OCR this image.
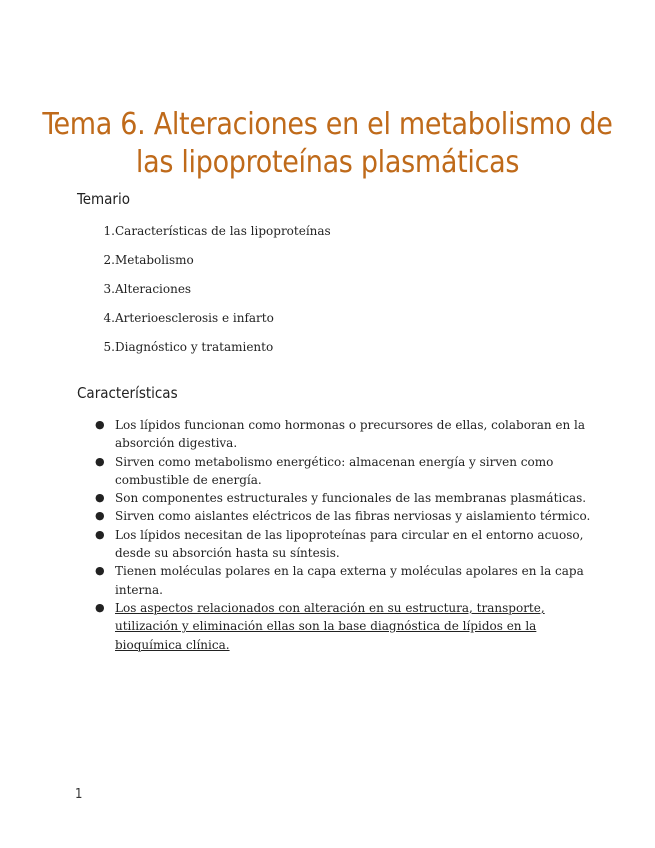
Tema 6. Alteraciones en el metabolismo de
las lipoproteínas plasmáticas
Temario
1. Características de las lipoproteínas
2. Metabolismo
3. Alteraciones
4. Arterioesclerosis e infarto
5. Diagnóstico y tratamiento
Características
● Los lípidos funcionan como hormonas o precursores de ellas, colaboran en la absorción digestiva.
● Sirven como metabolismo energético: almacenan energía y sirven como combustible de energía.
● Son componentes estructurales y funcionales de las membranas plasmáticas.
● Sirven como aislantes eléctricos de las fibras nerviosas y aislamiento térmico.
● Los lípidos necesitan de las lipoproteínas para circular en el entorno acuoso, desde su absorción hasta su síntesis.
● Tienen moléculas polares en la capa externa y moléculas apolares en la capa interna.
● Los aspectos relacionados con alteración en su estructura, transporte, utilización y eliminación ellas son la base diagnóstica de lípidos en la bioquímica clínica.
1
